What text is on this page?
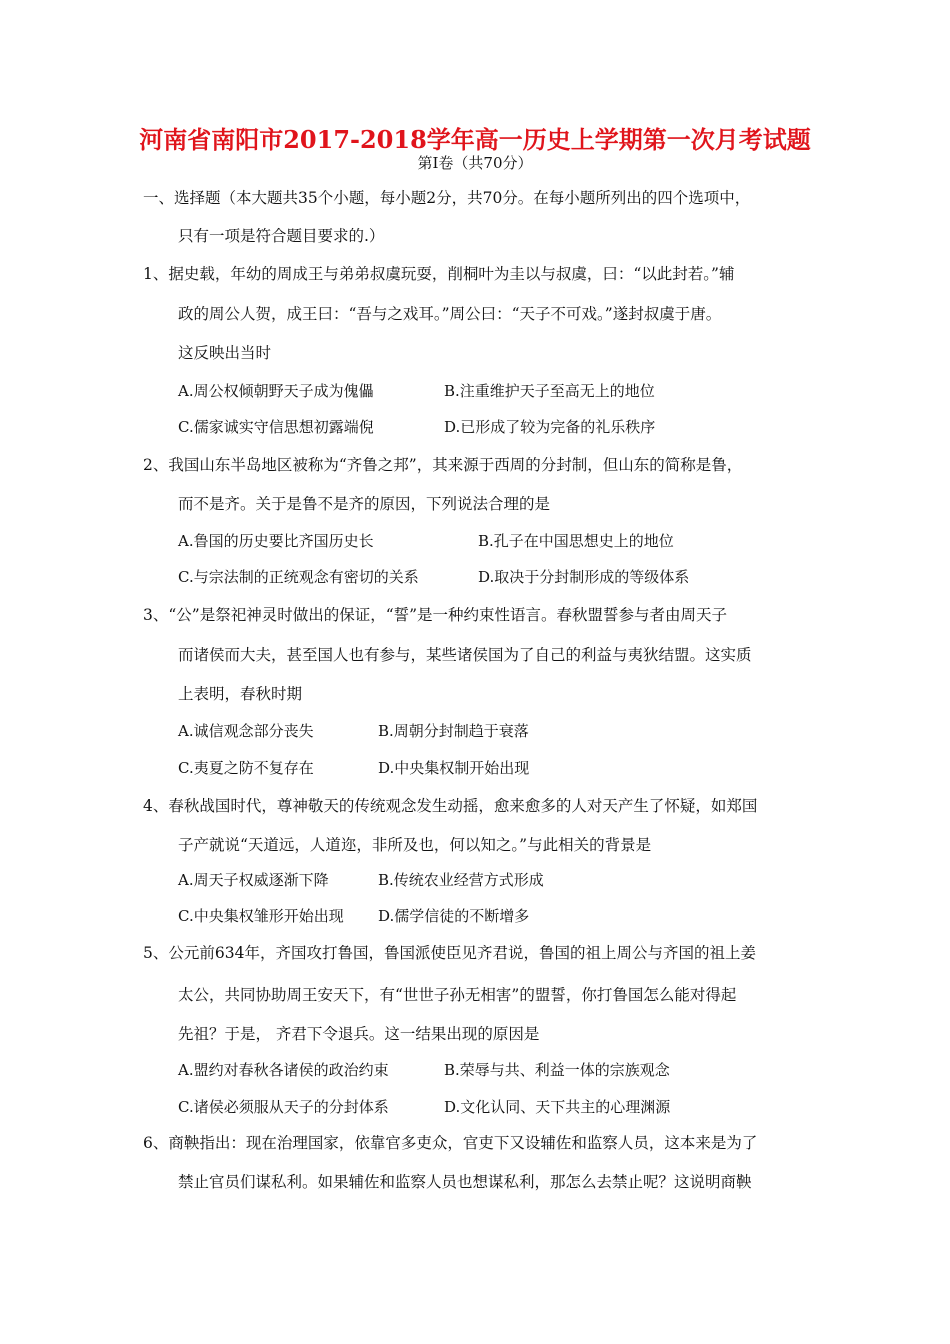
河南省南阳市2017-2018学年高一历史上学期第一次月考试题
第I卷（共70分）
一、选择题（本大题共35个小题，每小题2分，共70分。在每小题所列出的四个选项中，
只有一项是符合题目要求的.）
1、据史载，年幼的周成王与弟弟叔虞玩耍，削桐叶为圭以与叔虞，曰：“以此封若。”辅
政的周公人贺，成王曰：“吾与之戏耳。”周公曰：“天子不可戏。”遂封叔虞于唐。
这反映出当时
A.周公权倾朝野天子成为傀儡	B.注重维护天子至高无上的地位
C.儒家诚实守信思想初露端倪	D.已形成了较为完备的礼乐秩序
2、我国山东半岛地区被称为“齐鲁之邦”，其来源于西周的分封制，但山东的简称是鲁，
而不是齐。关于是鲁不是齐的原因，下列说法合理的是
A.鲁国的历史要比齐国历史长	B.孔子在中国思想史上的地位
C.与宗法制的正统观念有密切的关系	D.取决于分封制形成的等级体系
3、“公”是祭祀神灵时做出的保证，“誓”是一种约束性语言。春秋盟誓参与者由周天子
而诸侯而大夫，甚至国人也有参与，某些诸侯国为了自己的利益与夷狄结盟。这实质
上表明，春秋时期
A.诚信观念部分丧失	B.周朝分封制趋于衰落
C.夷夏之防不复存在	D.中央集权制开始出现
4、春秋战国时代，尊神敬天的传统观念发生动摇，愈来愈多的人对天产生了怀疑，如郑国
子产就说“天道远，人道迩，非所及也，何以知之。”与此相关的背景是
A.周天子权威逐渐下降	B.传统农业经营方式形成
C.中央集权雏形开始出现 D.儒学信徒的不断增多
5、公元前634年，齐国攻打鲁国，鲁国派使臣见齐君说，鲁国的祖上周公与齐国的祖上姜
太公，共同协助周王安天下，有“世世子孙无相害”的盟誓，你打鲁国怎么能对得起
先祖？于是， 齐君下令退兵。这一结果出现的原因是
A.盟约对春秋各诸侯的政治约束	B.荣辱与共、利益一体的宗族观念
C.诸侯必须服从天子的分封体系	D.文化认同、天下共主的心理渊源
6、商鞅指出：现在治理国家，依靠官多吏众，官吏下又设辅佐和监察人员，这本来是为了
禁止官员们谋私利。如果辅佐和监察人员也想谋私利，那怎么去禁止呢？这说明商鞅
